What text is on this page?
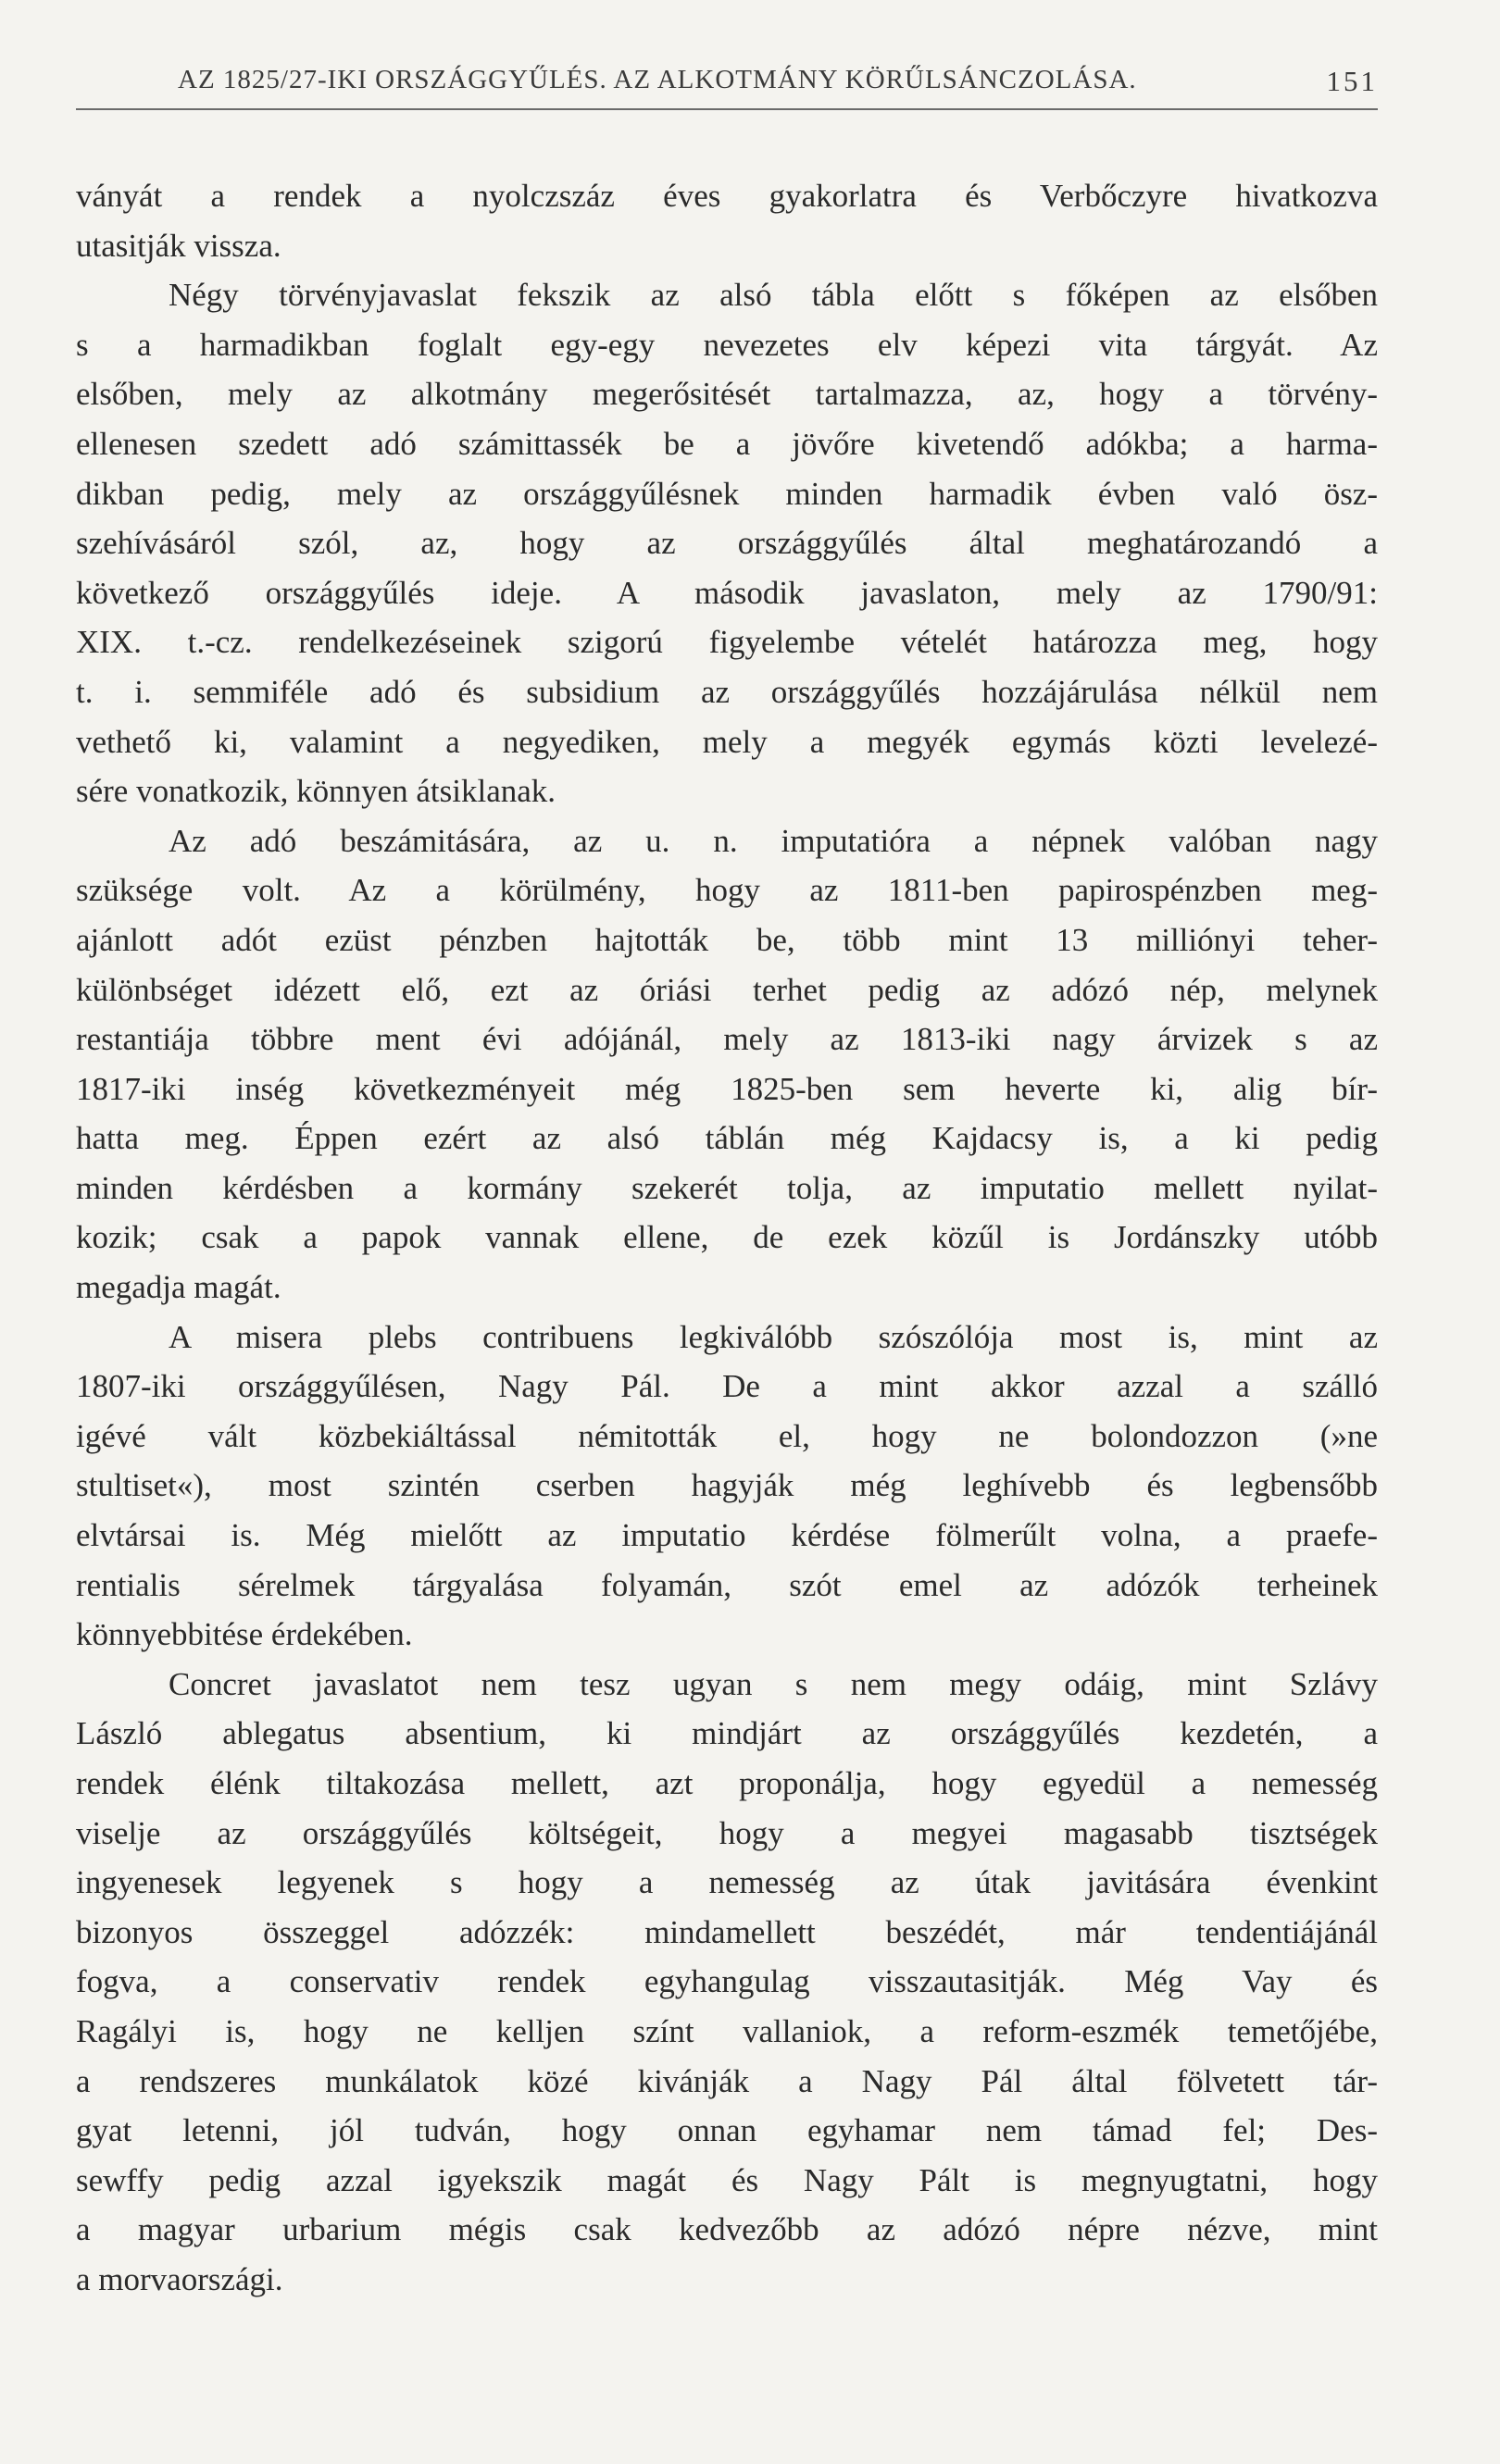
AZ 1825/27-IKI ORSZÁGGYŰLÉS. AZ ALKOTMÁNY KÖRŰLSÁNCZOLÁSA.	151
ványát a rendek a nyolczszáz éves gyakorlatra és Verbőczyre hivatkozva
utasitják vissza.
Négy törvényjavaslat fekszik az alsó tábla előtt s főképen az elsőben
s a harmadikban foglalt egy-egy nevezetes elv képezi vita tárgyát. Az
elsőben, mely az alkotmány megerősitését tartalmazza, az, hogy a törvény-
ellenesen szedett adó számittassék be a jövőre kivetendő adókba; a harma-
dikban pedig, mely az országgyűlésnek minden harmadik évben való ösz-
szehívásáról szól, az, hogy az országgyűlés által meghatározandó a
következő országgyűlés ideje. A második javaslaton, mely az 1790/91:
XIX. t.-cz. rendelkezéseinek szigorú figyelembe vételét határozza meg, hogy
t. i. semmiféle adó és subsidium az országgyűlés hozzájárulása nélkül nem
vethető ki, valamint a negyediken, mely a megyék egymás közti levelezé-
sére vonatkozik, könnyen átsiklanak.
Az adó beszámitására, az u. n. imputatióra a népnek valóban nagy
szüksége volt. Az a körülmény, hogy az 1811-ben papirospénzben meg-
ajánlott adót ezüst pénzben hajtották be, több mint 13 milliónyi teher-
különbséget idézett elő, ezt az óriási terhet pedig az adózó nép, melynek
restantiája többre ment évi adójánál, mely az 1813-iki nagy árvizek s az
1817-iki inség következményeit még 1825-ben sem heverte ki, alig bír-
hatta meg. Éppen ezért az alsó táblán még Kajdacsy is, a ki pedig
minden kérdésben a kormány szekerét tolja, az imputatio mellett nyilat-
kozik; csak a papok vannak ellene, de ezek közűl is Jordánszky utóbb
megadja magát.
A misera plebs contribuens legkiválóbb szószólója most is, mint az
1807-iki országgyűlésen, Nagy Pál. De a mint akkor azzal a szálló
igévé vált közbekiáltással némitották el, hogy ne bolondozzon (»ne
stultiset«), most szintén cserben hagyják még leghívebb és legbensőbb
elvtársai is. Még mielőtt az imputatio kérdése fölmerűlt volna, a praefe-
rentialis sérelmek tárgyalása folyamán, szót emel az adózók terheinek
könnyebbitése érdekében.
Concret javaslatot nem tesz ugyan s nem megy odáig, mint Szlávy
László ablegatus absentium, ki mindjárt az országgyűlés kezdetén, a
rendek élénk tiltakozása mellett, azt proponálja, hogy egyedül a nemesség
viselje az országgyűlés költségeit, hogy a megyei magasabb tisztségek
ingyenesek legyenek s hogy a nemesség az útak javitására évenkint
bizonyos összeggel adózzék: mindamellett beszédét, már tendentiájánál
fogva, a conservativ rendek egyhangulag visszautasitják. Még Vay és
Ragályi is, hogy ne kelljen színt vallaniok, a reform-eszmék temetőjébe,
a rendszeres munkálatok közé kivánják a Nagy Pál által fölvetett tár-
gyat letenni, jól tudván, hogy onnan egyhamar nem támad fel; Des-
sewffy pedig azzal igyekszik magát és Nagy Pált is megnyugtatni, hogy
a magyar urbarium mégis csak kedvezőbb az adózó népre nézve, mint
a morvaországi.
